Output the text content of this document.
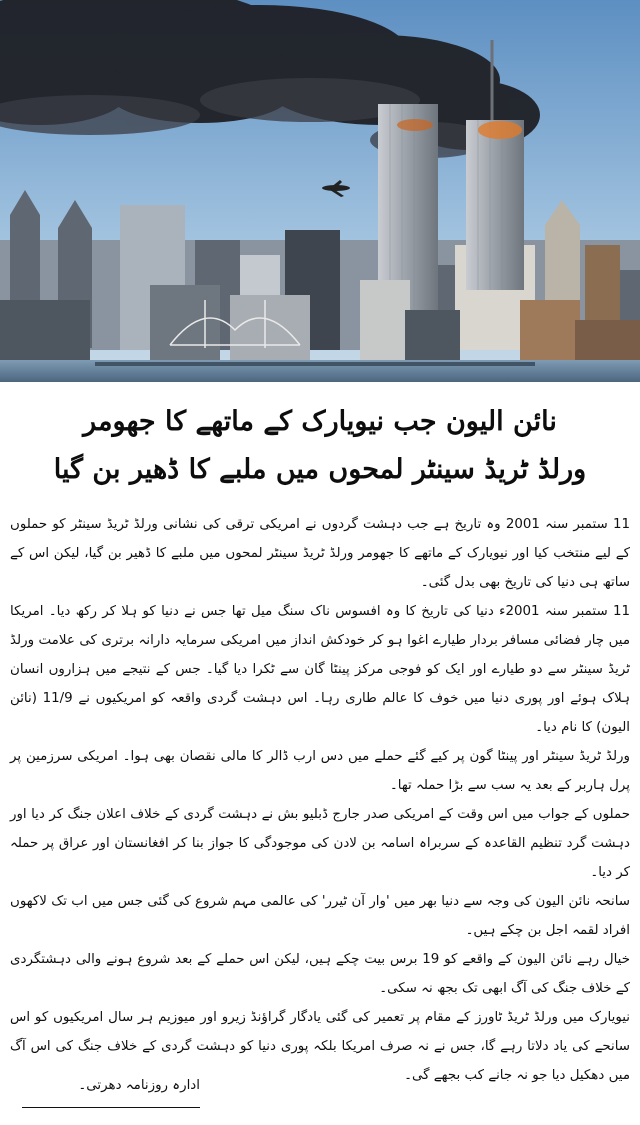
نائن الیون جب نیویارک کے ماتھے کا جھومر
ورلڈ ٹریڈ سینٹر لمحوں میں ملبے کا ڈھیر بن گیا

11 ستمبر سنہ 2001 وہ تاریخ ہے جب دہشت گردوں نے امریکی ترقی کی نشانی ورلڈ ٹریڈ سینٹر کو حملوں کے لیے منتخب کیا اور نیویارک کے ماتھے کا جھومر ورلڈ ٹریڈ سینٹر لمحوں میں ملبے کا ڈھیر بن گیا، لیکن اس کے ساتھ ہی دنیا کی تاریخ بھی بدل گئی۔

11 ستمبر سنہ 2001ء دنیا کی تاریخ کا وہ افسوس ناک سنگ میل تھا جس نے دنیا کو ہلا کر رکھ دیا۔ امریکا میں چار فضائی مسافر بردار طیارے اغوا ہو کر خودکش انداز میں امریکی سرمایہ دارانہ برتری کی علامت ورلڈ ٹریڈ سینٹر سے دو طیارے اور ایک کو فوجی مرکز پینٹا گان سے ٹکرا دیا گیا۔ جس کے نتیجے میں ہزاروں انسان ہلاک ہوئے اور پوری دنیا میں خوف کا عالم طاری رہا۔ اس دہشت گردی واقعہ کو امریکیوں نے 11/9 (نائن الیون) کا نام دیا۔

ورلڈ ٹریڈ سینٹر اور پینٹا گون پر کیے گئے حملے میں دس ارب ڈالر کا مالی نقصان بھی ہوا۔ امریکی سرزمین پر پرل ہاربر کے بعد یہ سب سے بڑا حملہ تھا۔

حملوں کے جواب میں اس وقت کے امریکی صدر جارج ڈبلیو بش نے دہشت گردی کے خلاف اعلان جنگ کر دیا اور دہشت گرد تنظیم القاعدہ کے سربراہ اسامہ بن لادن کی موجودگی کا جواز بنا کر افغانستان اور عراق پر حملہ کر دیا۔

سانحہ نائن الیون کی وجہ سے دنیا بھر میں 'وار آن ٹیرر' کی عالمی مہم شروع کی گئی جس میں اب تک لاکھوں افراد لقمہ اجل بن چکے ہیں۔

خیال رہے نائن الیون کے واقعے کو 19 برس بیت چکے ہیں، لیکن اس حملے کے بعد شروع ہونے والی دہشتگردی کے خلاف جنگ کی آگ ابھی تک بجھ نہ سکی۔

نیویارک میں ورلڈ ٹریڈ ٹاورز کے مقام پر تعمیر کی گئی یادگار گراؤنڈ زیرو اور میوزیم ہر سال امریکیوں کو اس سانحے کی یاد دلاتا رہے گا، جس نے نہ صرف امریکا بلکہ پوری دنیا کو دہشت گردی کے خلاف جنگ کی اس آگ میں دھکیل دیا جو نہ جانے کب بجھے گی۔

ادارہ روزنامہ دھرتی۔
